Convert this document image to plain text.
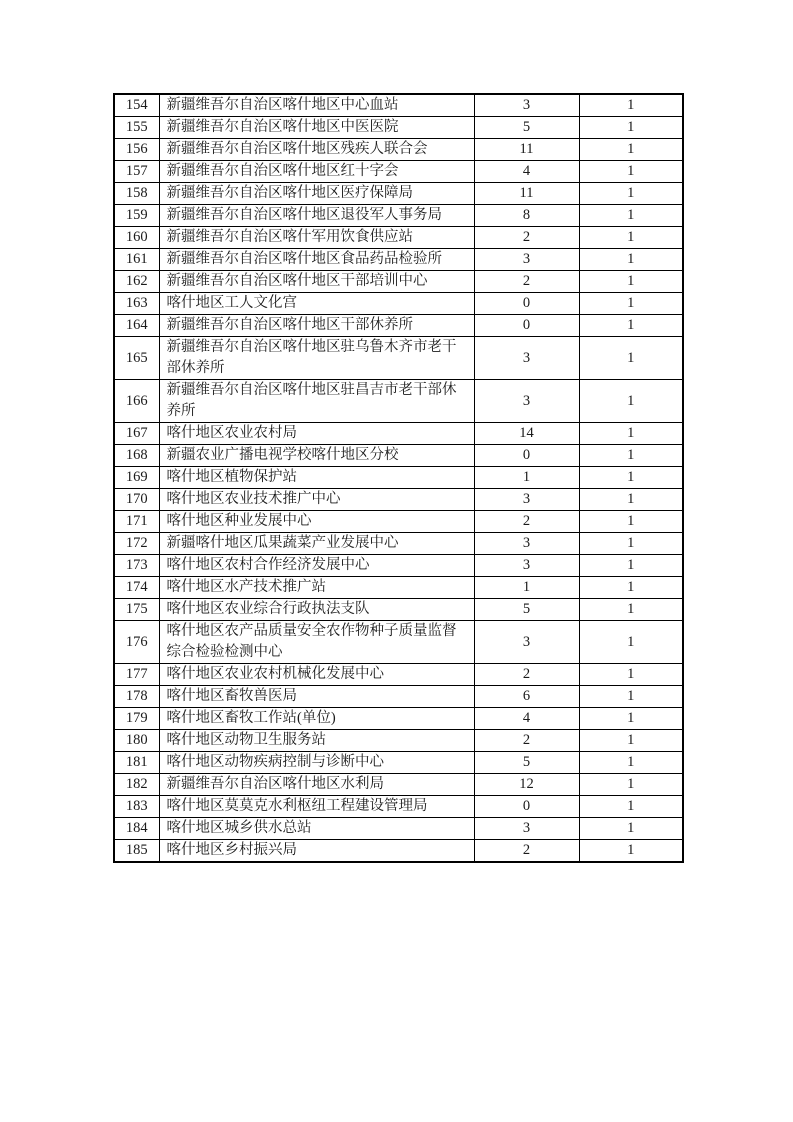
154	新疆维吾尔自治区喀什地区中心血站	3	1
155	新疆维吾尔自治区喀什地区中医医院	5	1
156	新疆维吾尔自治区喀什地区残疾人联合会	11	1
157	新疆维吾尔自治区喀什地区红十字会	4	1
158	新疆维吾尔自治区喀什地区医疗保障局	11	1
159	新疆维吾尔自治区喀什地区退役军人事务局	8	1
160	新疆维吾尔自治区喀什军用饮食供应站	2	1
161	新疆维吾尔自治区喀什地区食品药品检验所	3	1
162	新疆维吾尔自治区喀什地区干部培训中心	2	1
163	喀什地区工人文化宫	0	1
164	新疆维吾尔自治区喀什地区干部休养所	0	1
165	新疆维吾尔自治区喀什地区驻乌鲁木齐市老干部休养所	3	1
166	新疆维吾尔自治区喀什地区驻昌吉市老干部休养所	3	1
167	喀什地区农业农村局	14	1
168	新疆农业广播电视学校喀什地区分校	0	1
169	喀什地区植物保护站	1	1
170	喀什地区农业技术推广中心	3	1
171	喀什地区种业发展中心	2	1
172	新疆喀什地区瓜果蔬菜产业发展中心	3	1
173	喀什地区农村合作经济发展中心	3	1
174	喀什地区水产技术推广站	1	1
175	喀什地区农业综合行政执法支队	5	1
176	喀什地区农产品质量安全农作物种子质量监督综合检验检测中心	3	1
177	喀什地区农业农村机械化发展中心	2	1
178	喀什地区畜牧兽医局	6	1
179	喀什地区畜牧工作站(单位)	4	1
180	喀什地区动物卫生服务站	2	1
181	喀什地区动物疾病控制与诊断中心	5	1
182	新疆维吾尔自治区喀什地区水利局	12	1
183	喀什地区莫莫克水利枢纽工程建设管理局	0	1
184	喀什地区城乡供水总站	3	1
185	喀什地区乡村振兴局	2	1
